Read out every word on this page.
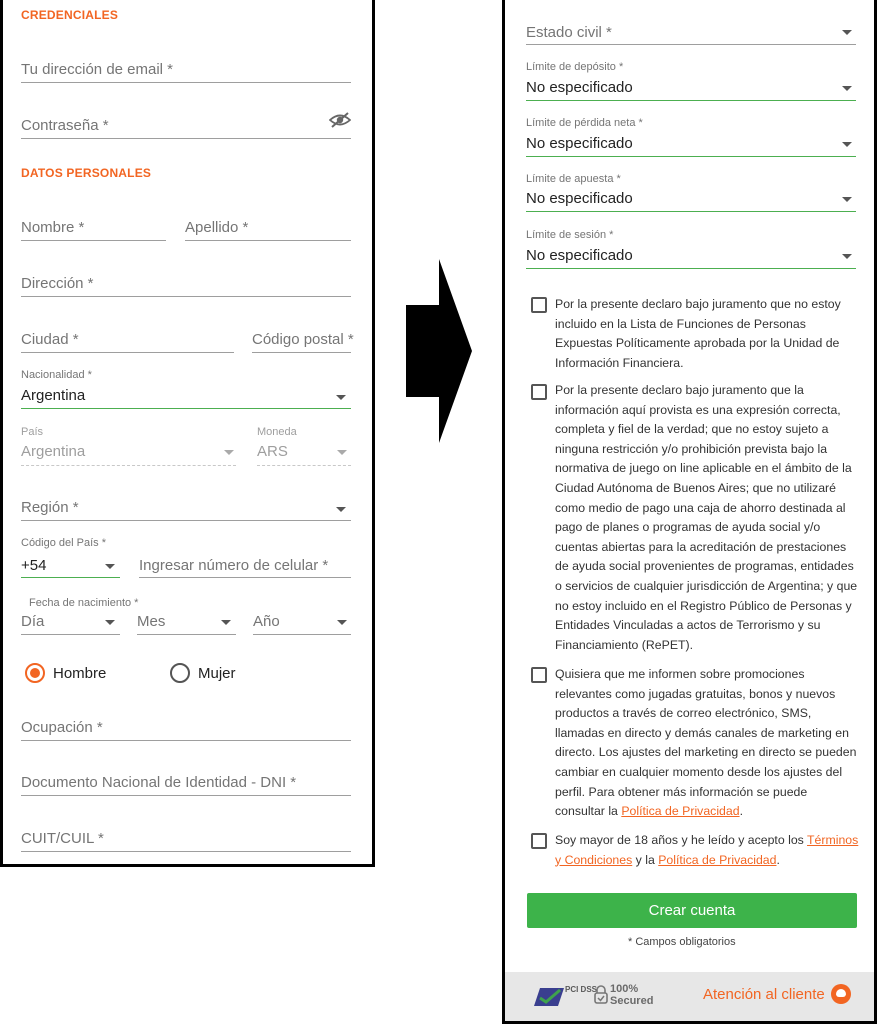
CREDENCIALES
Tu dirección de email *
Contraseña *
DATOS PERSONALES
Nombre *	Apellido *
Dirección *
Ciudad *	Código postal *
Nacionalidad *
Argentina
País
Argentina
Moneda
ARS
Región *
Código del País *
+54	Ingresar número de celular *
Fecha de nacimiento *
Día	Mes	Año
Hombre	Mujer
Ocupación *
Documento Nacional de Identidad - DNI *
CUIT/CUIL *
Estado civil *
Límite de depósito *
No especificado
Límite de pérdida neta *
No especificado
Límite de apuesta *
No especificado
Límite de sesión *
No especificado
Por la presente declaro bajo juramento que no estoy incluido en la Lista de Funciones de Personas Expuestas Políticamente aprobada por la Unidad de Información Financiera.
Por la presente declaro bajo juramento que la información aquí provista es una expresión correcta, completa y fiel de la verdad; que no estoy sujeto a ninguna restricción y/o prohibición prevista bajo la normativa de juego on line aplicable en el ámbito de la Ciudad Autónoma de Buenos Aires; que no utilizaré como medio de pago una caja de ahorro destinada al pago de planes o programas de ayuda social y/o cuentas abiertas para la acreditación de prestaciones de ayuda social provenientes de programas, entidades o servicios de cualquier jurisdicción de Argentina; y que no estoy incluido en el Registro Público de Personas y Entidades Vinculadas a actos de Terrorismo y su Financiamiento (RePET).
Quisiera que me informen sobre promociones relevantes como jugadas gratuitas, bonos y nuevos productos a través de correo electrónico, SMS, llamadas en directo y demás canales de marketing en directo. Los ajustes del marketing en directo se pueden cambiar en cualquier momento desde los ajustes del perfil. Para obtener más información se puede consultar la Política de Privacidad.
Soy mayor de 18 años y he leído y acepto los Términos y Condiciones y la Política de Privacidad.
Crear cuenta
* Campos obligatorios
PCI DSS 100%
Secured	Atención al cliente
